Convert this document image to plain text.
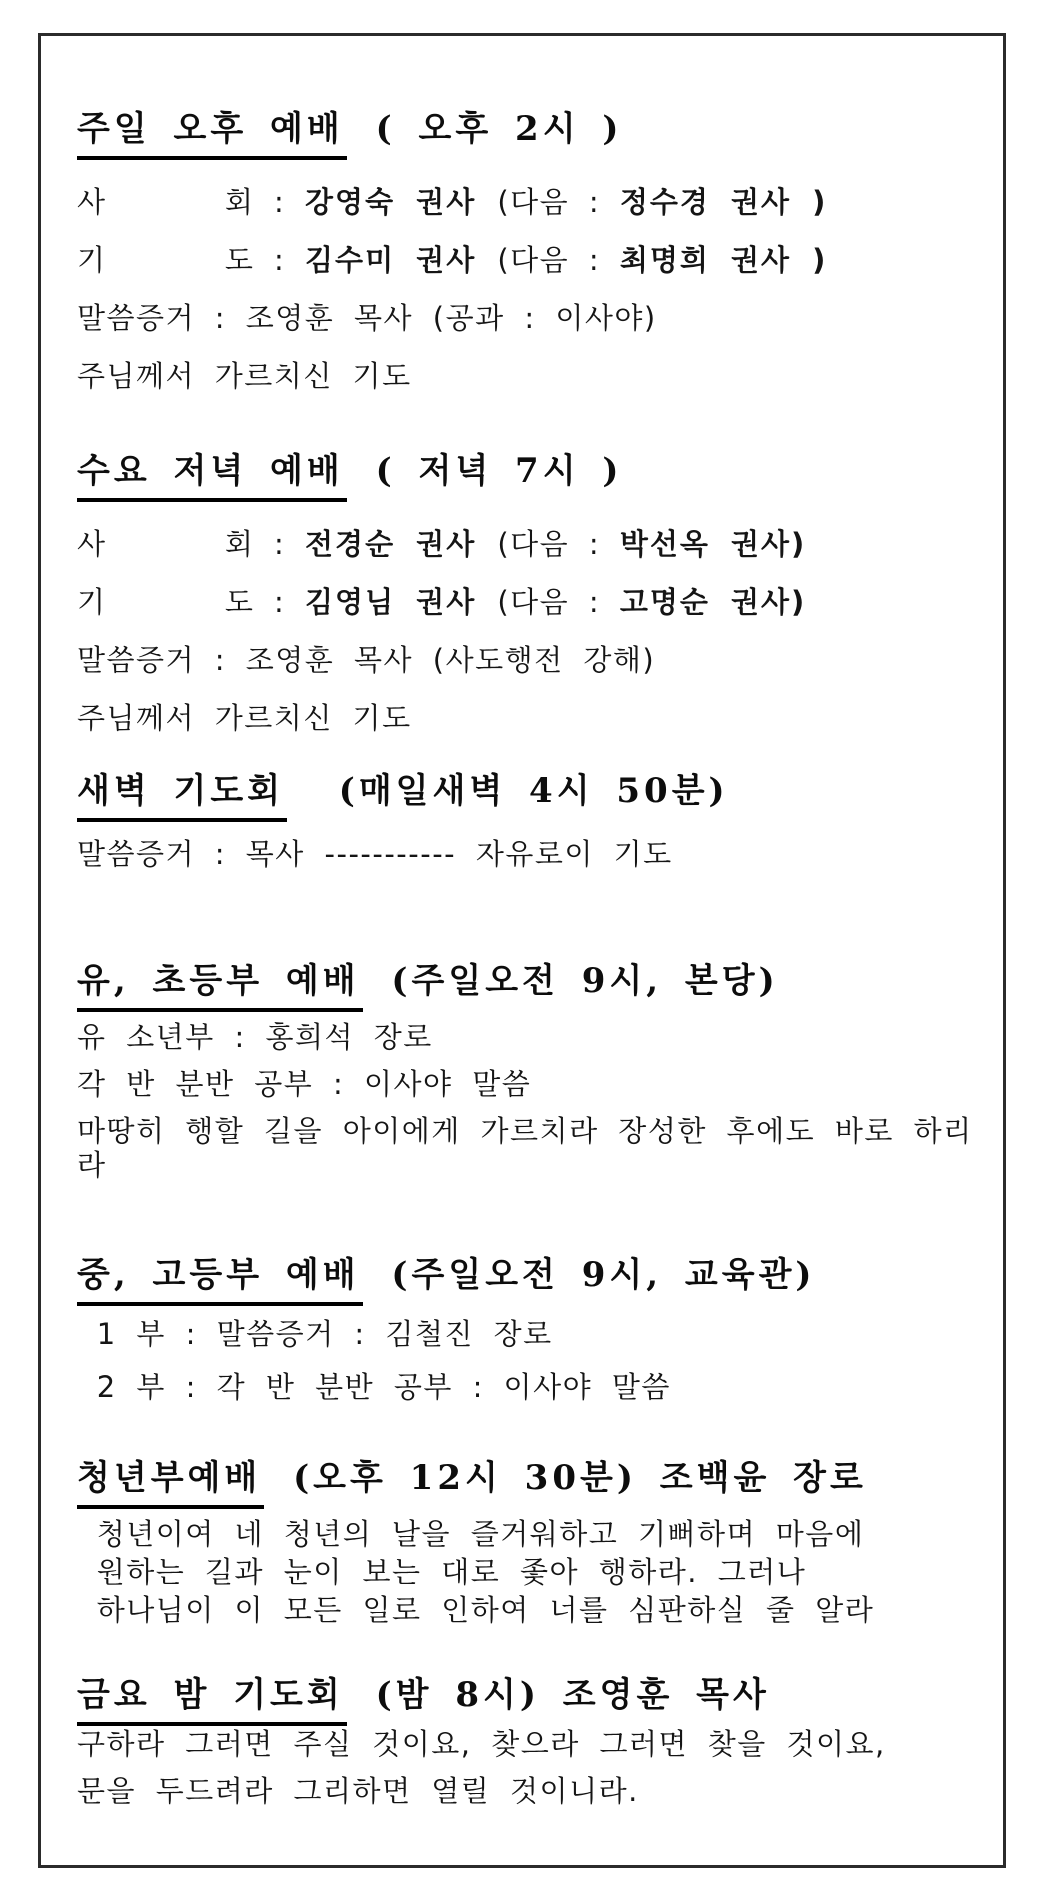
주일 오후 예배 ( 오후 2시 )
사      회 : 강영숙 권사 (다음 : 정수경 권사 )
기      도 : 김수미 권사 (다음 : 최명희 권사 )
말씀증거 : 조영훈 목사 (공과 : 이사야)
주님께서 가르치신 기도
수요 저녁 예배 ( 저녁 7시 )
사      회 : 전경순 권사 (다음 : 박선옥 권사)
기      도 : 김영님 권사 (다음 : 고명순 권사)
말씀증거 : 조영훈 목사 (사도행전 강해)
주님께서 가르치신 기도
새벽 기도회  (매일새벽 4시 50분)
말씀증거 : 목사 ----------- 자유로이 기도
유, 초등부 예배 (주일오전 9시, 본당)
유 소년부 : 홍희석 장로
각 반 분반 공부 : 이사야 말씀
마땅히 행할 길을 아이에게 가르치라 장성한 후에도 바로 하리라
중, 고등부 예배 (주일오전 9시, 교육관)
1 부 : 말씀증거 : 김철진 장로
2 부 : 각 반 분반 공부 : 이사야 말씀
청년부예배 (오후 12시 30분) 조백윤 장로
청년이여 네 청년의 날을 즐거워하고 기뻐하며 마음에
원하는 길과 눈이 보는 대로 좇아 행하라. 그러나
하나님이 이 모든 일로 인하여 너를 심판하실 줄 알라
금요 밤 기도회 (밤 8시) 조영훈 목사
구하라 그러면 주실 것이요, 찾으라 그러면 찾을 것이요,
문을 두드려라 그리하면 열릴 것이니라.
